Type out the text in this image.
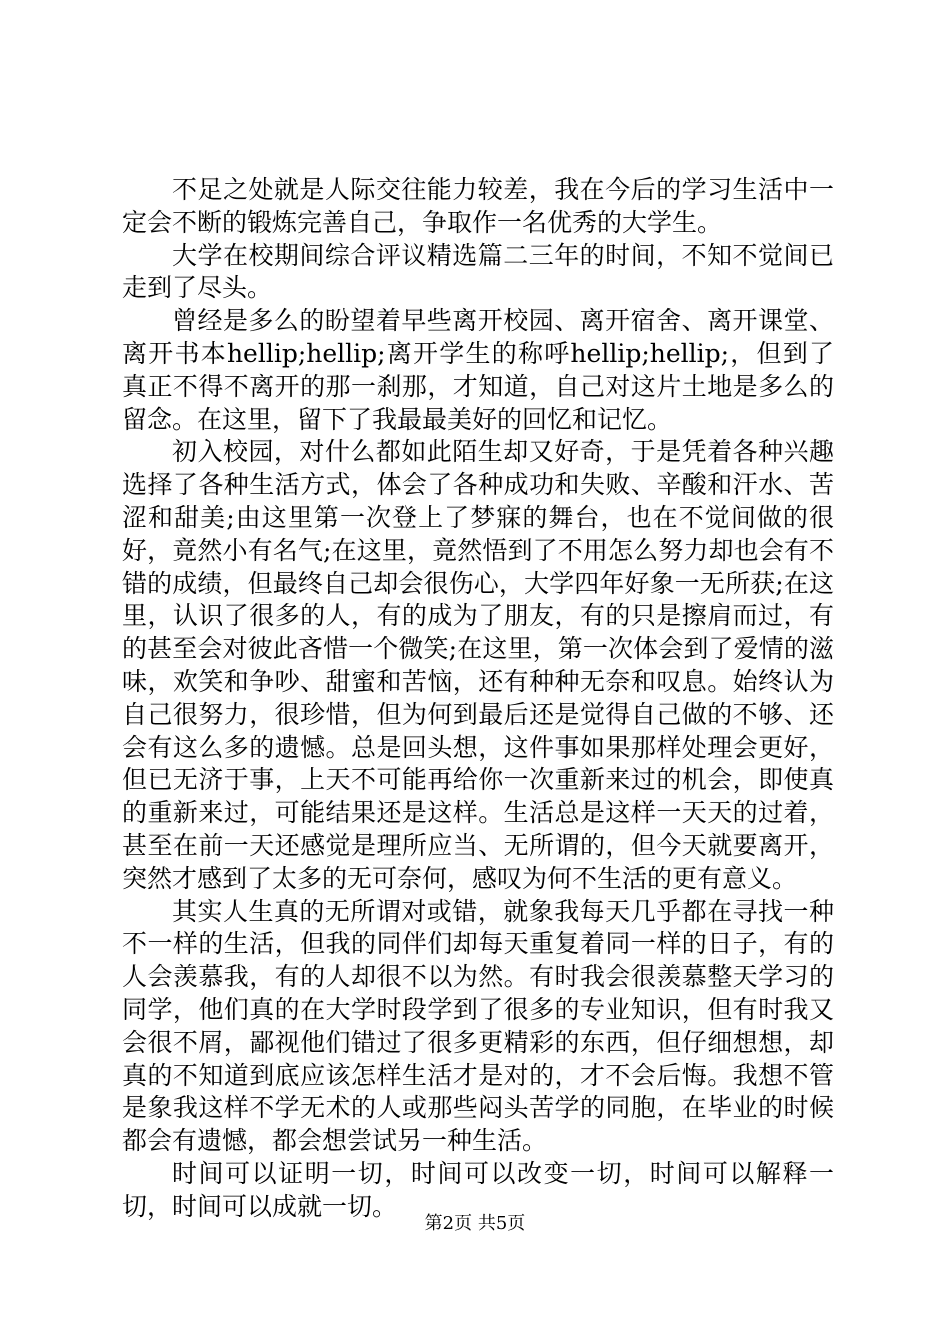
不足之处就是人际交往能力较差，我在今后的学习生活中一定会不断的锻炼完善自己，争取作一名优秀的大学生。

大学在校期间综合评议精选篇二三年的时间，不知不觉间已走到了尽头。

曾经是多么的盼望着早些离开校园、离开宿舍、离开课堂、离开书本hellip;hellip;离开学生的称呼hellip;hellip;，但到了真正不得不离开的那一刹那，才知道，自己对这片土地是多么的留念。在这里，留下了我最最美好的回忆和记忆。

初入校园，对什么都如此陌生却又好奇，于是凭着各种兴趣选择了各种生活方式，体会了各种成功和失败、辛酸和汗水、苦涩和甜美;由这里第一次登上了梦寐的舞台，也在不觉间做的很好，竟然小有名气;在这里，竟然悟到了不用怎么努力却也会有不错的成绩，但最终自己却会很伤心，大学四年好象一无所获;在这里，认识了很多的人，有的成为了朋友，有的只是擦肩而过，有的甚至会对彼此吝惜一个微笑;在这里，第一次体会到了爱情的滋味，欢笑和争吵、甜蜜和苦恼，还有种种无奈和叹息。始终认为自己很努力，很珍惜，但为何到最后还是觉得自己做的不够、还会有这么多的遗憾。总是回头想，这件事如果那样处理会更好，但已无济于事，上天不可能再给你一次重新来过的机会，即使真的重新来过，可能结果还是这样。生活总是这样一天天的过着，甚至在前一天还感觉是理所应当、无所谓的，但今天就要离开，突然才感到了太多的无可奈何，感叹为何不生活的更有意义。

其实人生真的无所谓对或错，就象我每天几乎都在寻找一种不一样的生活，但我的同伴们却每天重复着同一样的日子，有的人会羡慕我，有的人却很不以为然。有时我会很羡慕整天学习的同学，他们真的在大学时段学到了很多的专业知识，但有时我又会很不屑，鄙视他们错过了很多更精彩的东西，但仔细想想，却真的不知道到底应该怎样生活才是对的，才不会后悔。我想不管是象我这样不学无术的人或那些闷头苦学的同胞，在毕业的时候都会有遗憾，都会想尝试另一种生活。

时间可以证明一切，时间可以改变一切，时间可以解释一切，时间可以成就一切。

第2页 共5页
